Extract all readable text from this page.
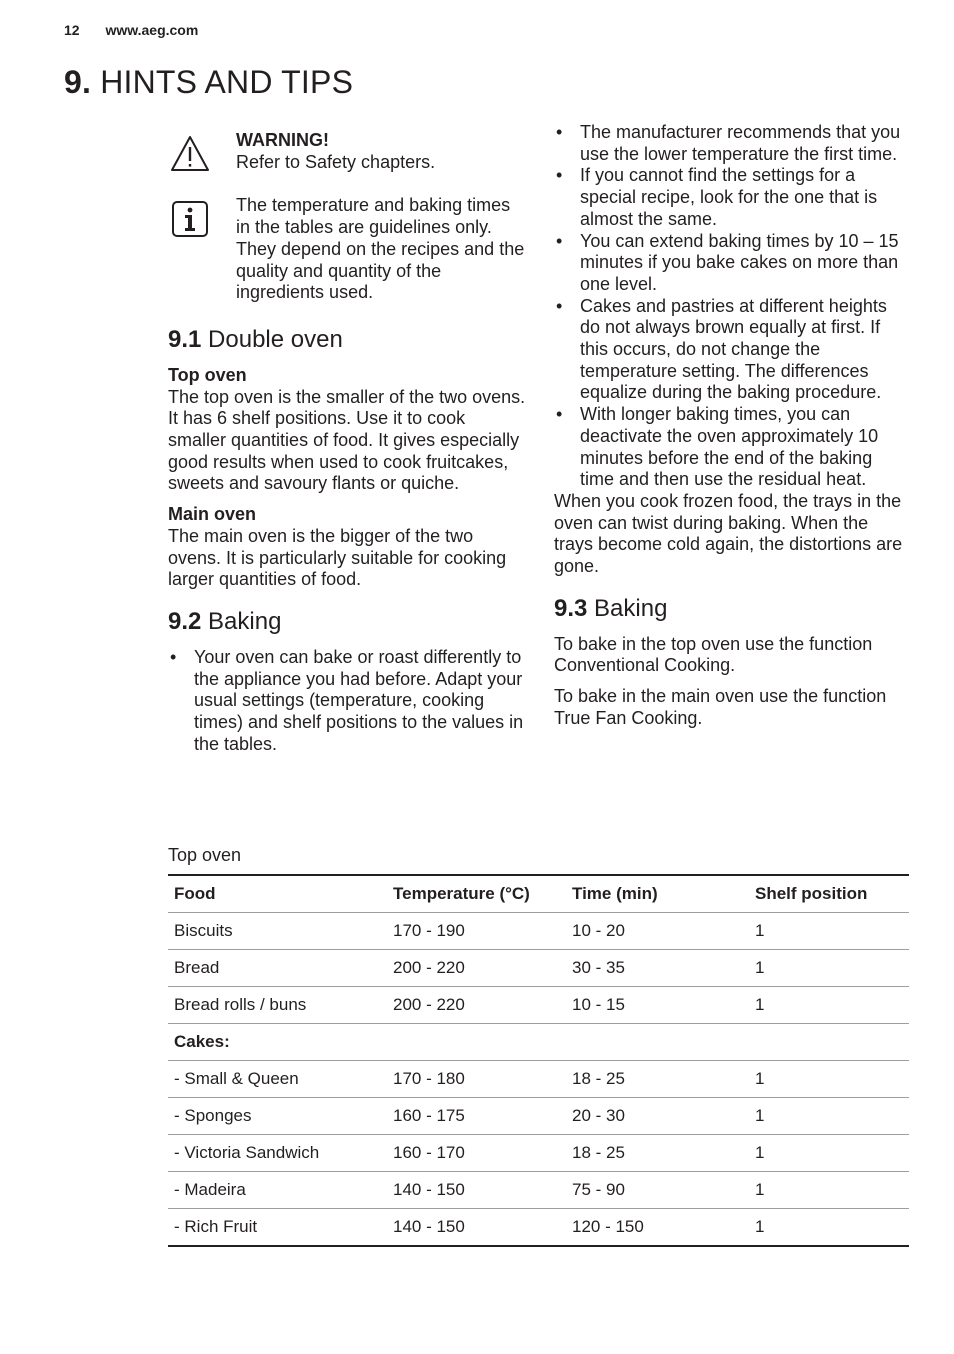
12 www.aeg.com
9. HINTS AND TIPS
WARNING!
Refer to Safety chapters.
The temperature and baking times in the tables are guidelines only. They depend on the recipes and the quality and quantity of the ingredients used.
9.1 Double oven
Top oven

The top oven is the smaller of the two ovens. It has 6 shelf positions. Use it to cook smaller quantities of food. It gives especially good results when used to cook fruitcakes, sweets and savoury flants or quiche.

Main oven

The main oven is the bigger of the two ovens. It is particularly suitable for cooking larger quantities of food.

9.2 Baking
• Your oven can bake or roast differently to the appliance you had before. Adapt your usual settings (temperature, cooking times) and shelf positions to the values in the tables.
• The manufacturer recommends that you use the lower temperature the first time.
• If you cannot find the settings for a special recipe, look for the one that is almost the same.
• You can extend baking times by 10 – 15 minutes if you bake cakes on more than one level.
• Cakes and pastries at different heights do not always brown equally at first. If this occurs, do not change the temperature setting. The differences equalize during the baking procedure.
• With longer baking times, you can deactivate the oven approximately 10 minutes before the end of the baking time and then use the residual heat.

When you cook frozen food, the trays in the oven can twist during baking. When the trays become cold again, the distortions are gone.

9.3 Baking

To bake in the top oven use the function Conventional Cooking.

To bake in the main oven use the function True Fan Cooking.

Top oven
Food	Temperature (°C)	Time (min)	Shelf position
Biscuits	170 - 190	10 - 20	1
Bread	200 - 220	30 - 35	1
Bread rolls / buns	200 - 220	10 - 15	1
Cakes:			
- Small & Queen	170 - 180	18 - 25	1
- Sponges	160 - 175	20 - 30	1
- Victoria Sandwich	160 - 170	18 - 25	1
- Madeira	140 - 150	75 - 90	1
- Rich Fruit	140 - 150	120 - 150	1
